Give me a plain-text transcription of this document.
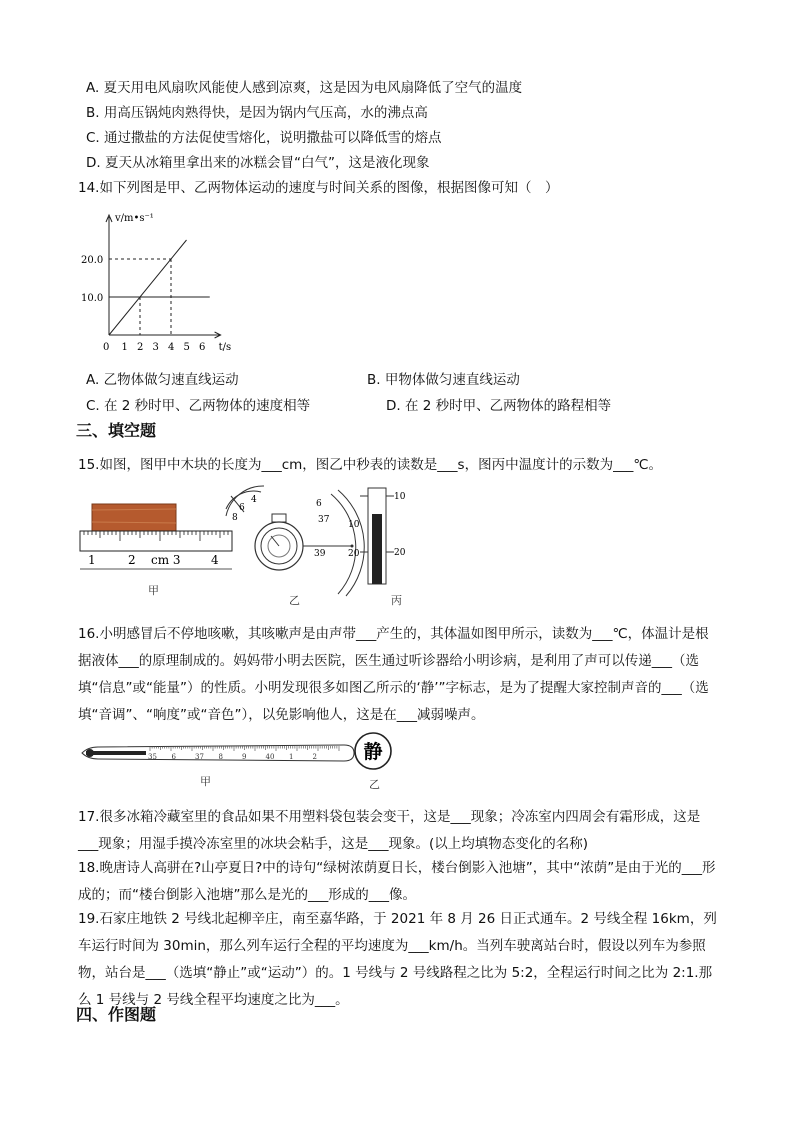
A. 夏天用电风扇吹风能使人感到凉爽，这是因为电风扇降低了空气的温度
B. 用高压锅炖肉熟得快，是因为锅内气压高，水的沸点高
C. 通过撒盐的方法促使雪熔化，说明撒盐可以降低雪的熔点
D. 夏天从冰箱里拿出来的冰糕会冒“白气”，这是液化现象
14.如下列图是甲、乙两物体运动的速度与时间关系的图像，根据图像可知（　）
v/m•s⁻¹
t/s
0 1 2 3 4 5 6
10.0
20.0
A. 乙物体做匀速直线运动	B. 甲物体做匀速直线运动
C. 在 2 秒时甲、乙两物体的速度相等	D. 在 2 秒时甲、乙两物体的路程相等
三、填空题
15.如图，图甲中木块的长度为___cm，图乙中秒表的读数是___s，图丙中温度计的示数为___℃。
1	2 cm 3	4
4
6
8
6
37
39
10
20
10
20
甲
乙	丙
16.小明感冒后不停地咳嗽，其咳嗽声是由声带___产生的，其体温如图甲所示，读数为___℃，体温计是根据液体___的原理制成的。妈妈带小明去医院，医生通过听诊器给小明诊病，是利用了声可以传递___（选填“信息”或“能量”）的性质。小明发现很多如图乙所示的‘静’”字标志，是为了提醒大家控制声音的___（选填“音调”、“响度”或“音色”），以免影响他人，这是在___减弱噪声。
35 6	37 8	9	40 1	2 静
甲	乙
17.很多冰箱冷藏室里的食品如果不用塑料袋包装会变干，这是___现象；冷冻室内四周会有霜形成，这是___现象；用湿手摸冷冻室里的冰块会粘手，这是___现象。(以上均填物态变化的名称)
18.晚唐诗人高骈在?山亭夏日?中的诗句“绿树浓荫夏日长，楼台倒影入池塘”，其中“浓荫”是由于光的___形成的；而“楼台倒影入池塘”那么是光的___形成的___像。
19.石家庄地铁 2 号线北起柳辛庄，南至嘉华路，于 2021 年 8 月 26 日正式通车。2 号线全程 16km，列车运行时间为 30min，那么列车运行全程的平均速度为___km/h。当列车驶离站台时，假设以列车为参照物，站台是___（选填“静止”或“运动”）的。1 号线与 2 号线路程之比为 5:2，全程运行时间之比为 2:1.那么 1 号线与 2 号线全程平均速度之比为___。
四、作图题
